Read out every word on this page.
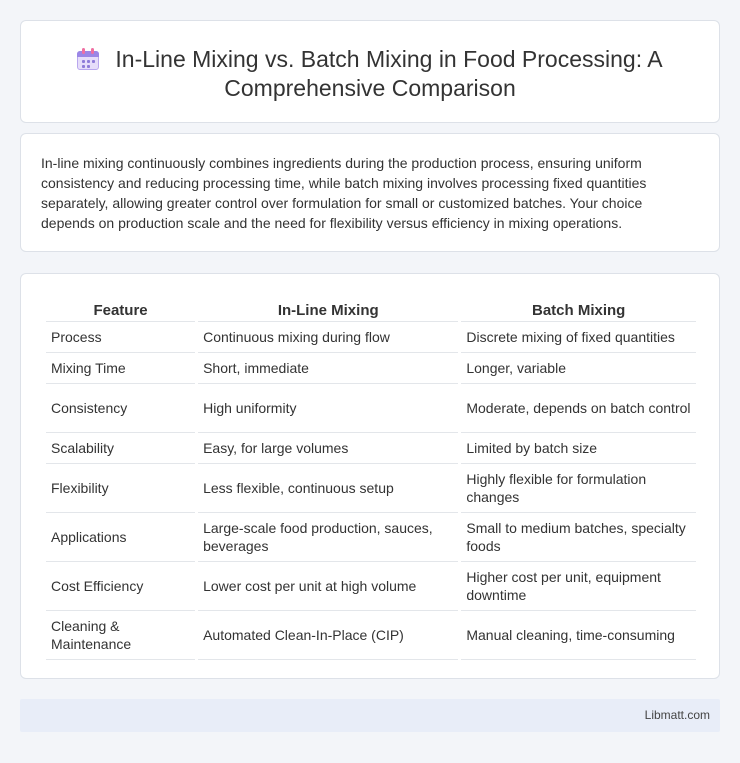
In-Line Mixing vs. Batch Mixing in Food Processing: A Comprehensive Comparison

In-line mixing continuously combines ingredients during the production process, ensuring uniform consistency and reducing processing time, while batch mixing involves processing fixed quantities separately, allowing greater control over formulation for small or customized batches. Your choice depends on production scale and the need for flexibility versus efficiency in mixing operations.

Feature	In-Line Mixing	Batch Mixing
Process	Continuous mixing during flow	Discrete mixing of fixed quantities
Mixing Time	Short, immediate	Longer, variable
Consistency	High uniformity	Moderate, depends on batch control
Scalability	Easy, for large volumes	Limited by batch size
Flexibility	Less flexible, continuous setup	Highly flexible for formulation changes
Applications	Large-scale food production, sauces, beverages	Small to medium batches, specialty foods
Cost Efficiency	Lower cost per unit at high volume	Higher cost per unit, equipment downtime
Cleaning & Maintenance	Automated Clean-In-Place (CIP)	Manual cleaning, time-consuming
Libmatt.com
